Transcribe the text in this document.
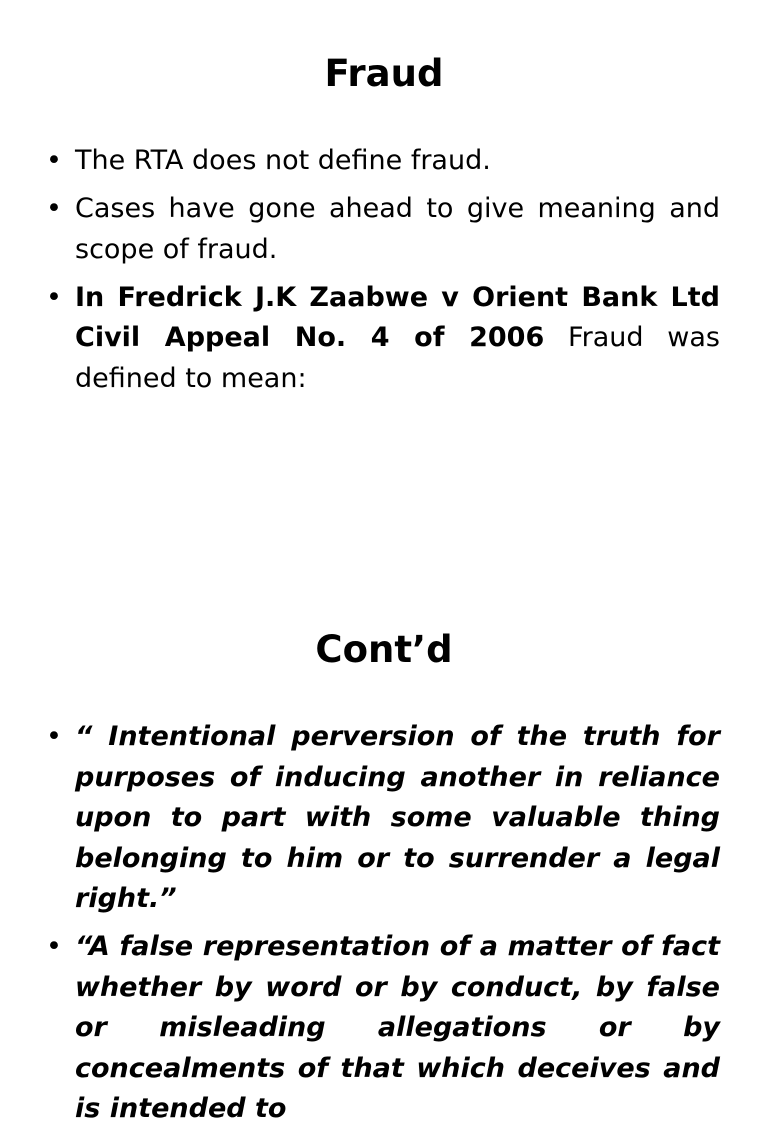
Fraud
• The RTA does not define fraud.
• Cases have gone ahead to give meaning and scope of fraud.
• In Fredrick J.K Zaabwe v Orient Bank Ltd Civil Appeal No. 4 of 2006 Fraud was defined to mean:
Cont’d
• “ Intentional perversion of the truth for purposes of inducing another in reliance upon to part with some valuable thing belonging to him or to surrender a legal right.”
• “A false representation of a matter of fact whether by word or by conduct, by false or misleading allegations or by concealments of that which deceives and is intended to
